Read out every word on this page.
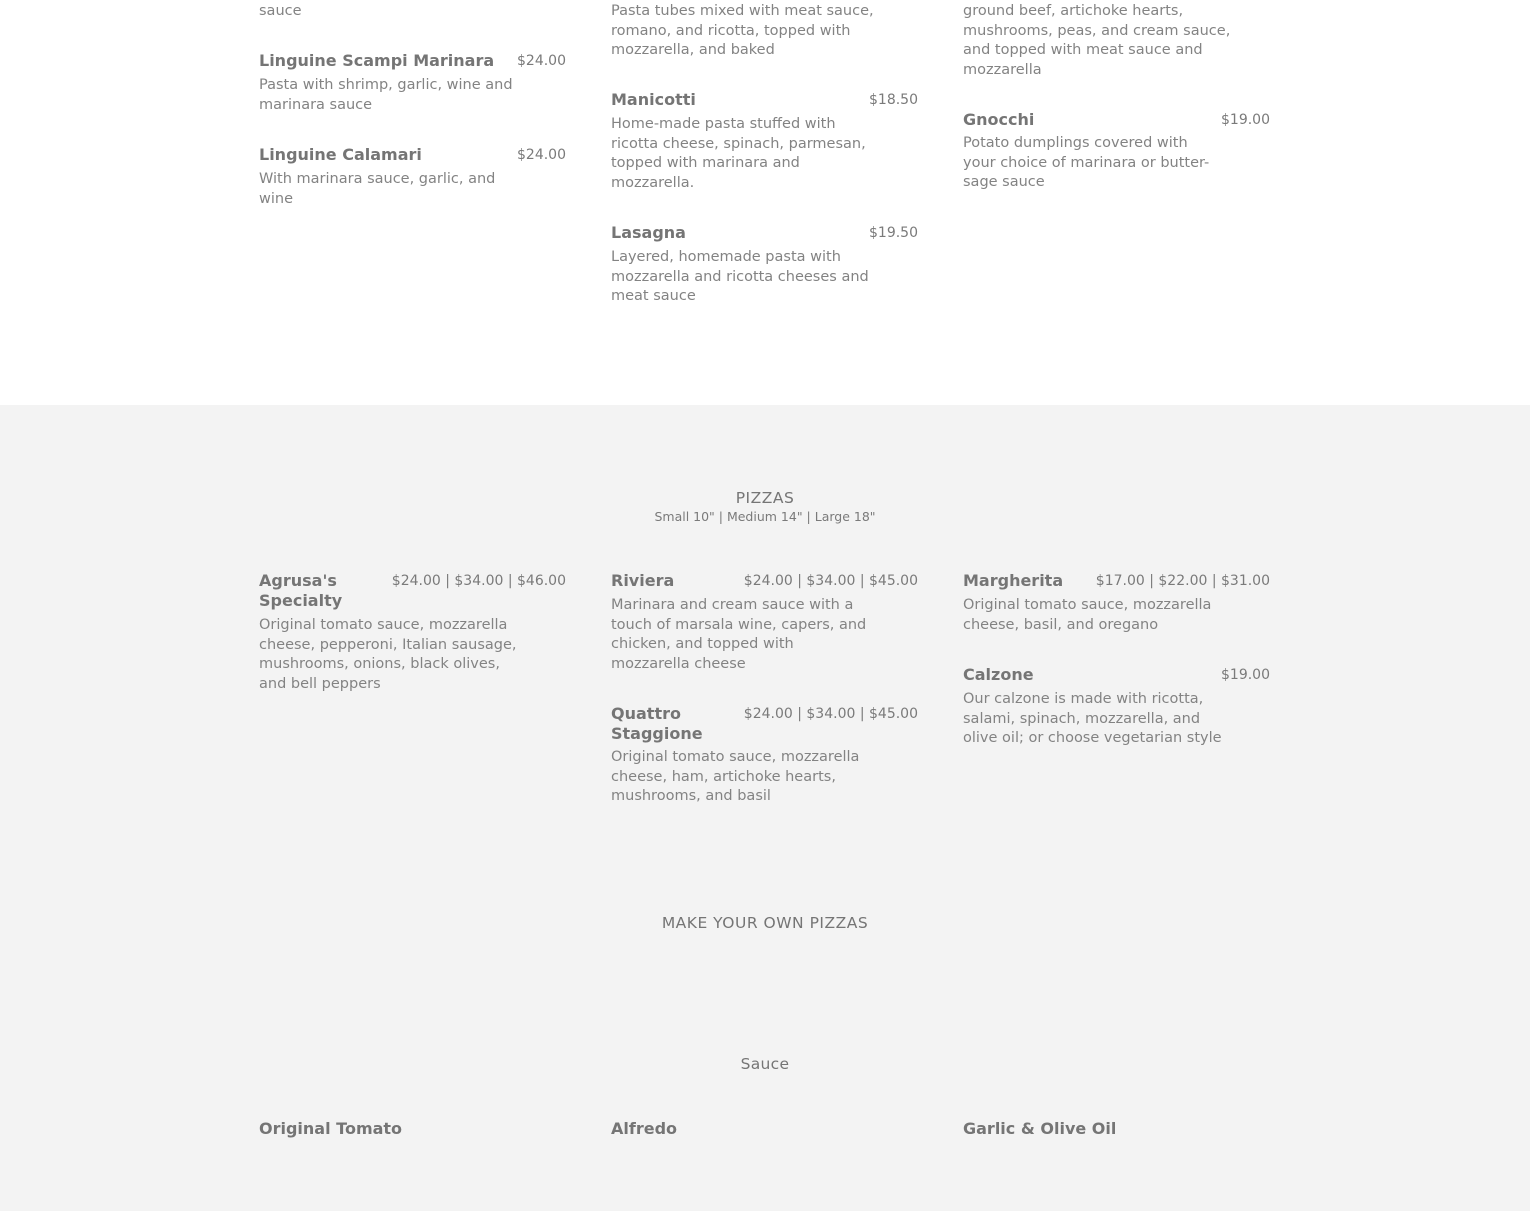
sauce
Linguine Scampi Marinara	$24.00
Pasta with shrimp, garlic, wine and marinara sauce
Linguine Calamari	$24.00
With marinara sauce, garlic, and wine
Pasta tubes mixed with meat sauce, romano, and ricotta, topped with mozzarella, and baked
Manicotti	$18.50
Home-made pasta stuffed with ricotta cheese, spinach, parmesan, topped with marinara and mozzarella.
Lasagna	$19.50
Layered, homemade pasta with mozzarella and ricotta cheeses and meat sauce
ground beef, artichoke hearts, mushrooms, peas, and cream sauce, and topped with meat sauce and mozzarella
Gnocchi	$19.00
Potato dumplings covered with your choice of marinara or butter-sage sauce
PIZZAS
Small 10" | Medium 14" | Large 18"
Agrusa's Specialty
$24.00 | $34.00 | $46.00
Original tomato sauce, mozzarella cheese, pepperoni, Italian sausage, mushrooms, onions, black olives, and bell peppers
Riviera	$24.00 | $34.00 | $45.00
Marinara and cream sauce with a touch of marsala wine, capers, and chicken, and topped with mozzarella cheese
Quattro Staggione
$24.00 | $34.00 | $45.00
Original tomato sauce, mozzarella cheese, ham, artichoke hearts, mushrooms, and basil
Margherita	$17.00 | $22.00 | $31.00
Original tomato sauce, mozzarella cheese, basil, and oregano
Calzone	$19.00
Our calzone is made with ricotta, salami, spinach, mozzarella, and olive oil; or choose vegetarian style
MAKE YOUR OWN PIZZAS
Sauce
Original Tomato	Alfredo	Garlic & Olive Oil
